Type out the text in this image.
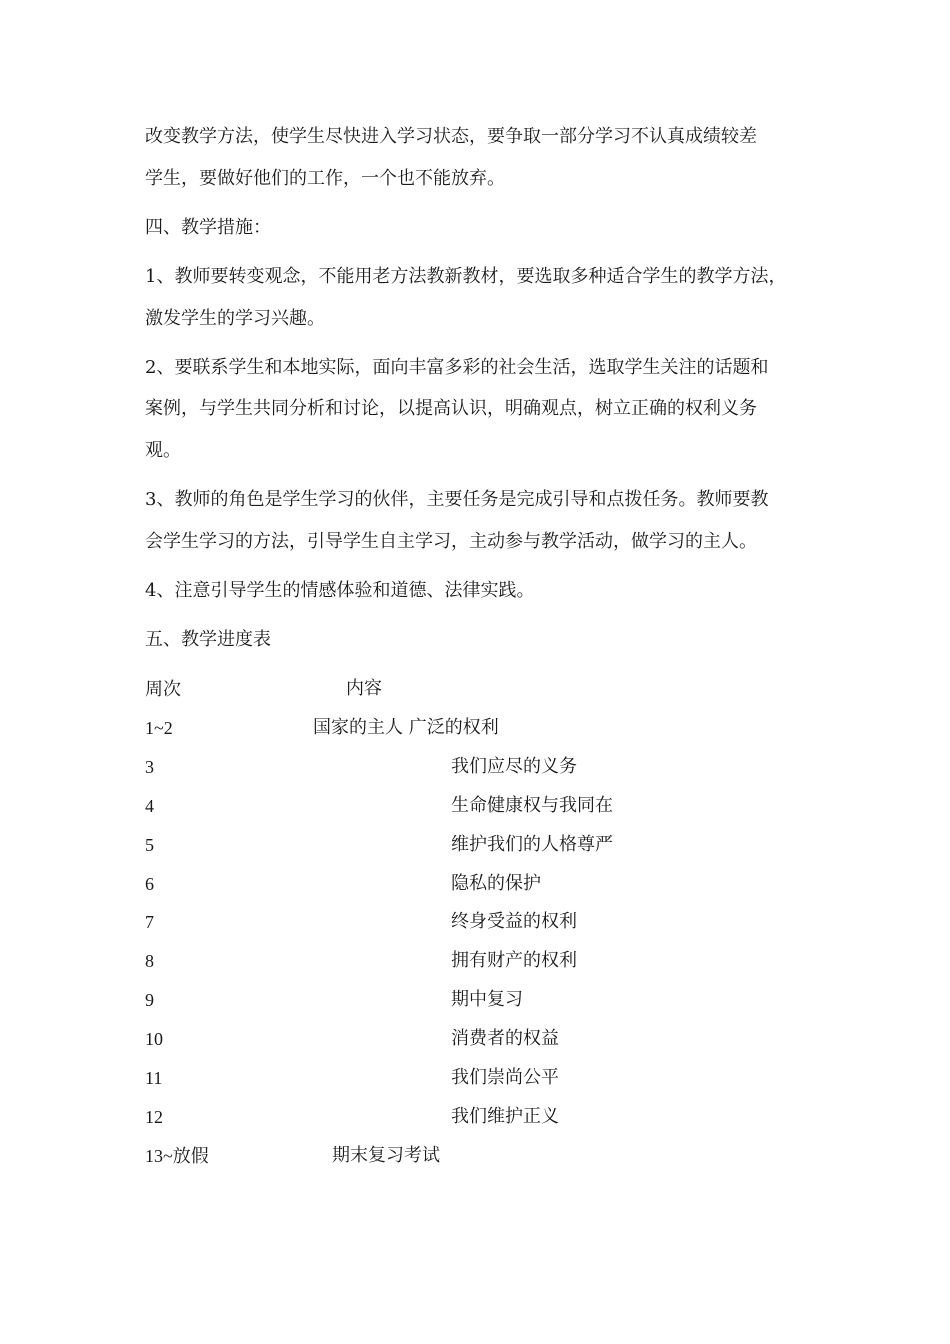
改变教学方法，使学生尽快进入学习状态，要争取一部分学习不认真成绩较差
学生，要做好他们的工作，一个也不能放弃。
四、教学措施：
1、教师要转变观念，不能用老方法教新教材，要选取多种适合学生的教学方法，
激发学生的学习兴趣。
2、要联系学生和本地实际，面向丰富多彩的社会生活，选取学生关注的话题和
案例，与学生共同分析和讨论，以提高认识，明确观点，树立正确的权利义务
观。
3、教师的角色是学生学习的伙伴，主要任务是完成引导和点拨任务。教师要教
会学生学习的方法，引导学生自主学习，主动参与教学活动，做学习的主人。
4、注意引导学生的情感体验和道德、法律实践。
五、教学进度表
周次	内容
1~2	国家的主人 广泛的权利
3	我们应尽的义务
4	生命健康权与我同在
5	维护我们的人格尊严
6	隐私的保护
7	终身受益的权利
8	拥有财产的权利
9	期中复习
10	消费者的权益
11	我们崇尚公平
12	我们维护正义
13~放假	期末复习考试
